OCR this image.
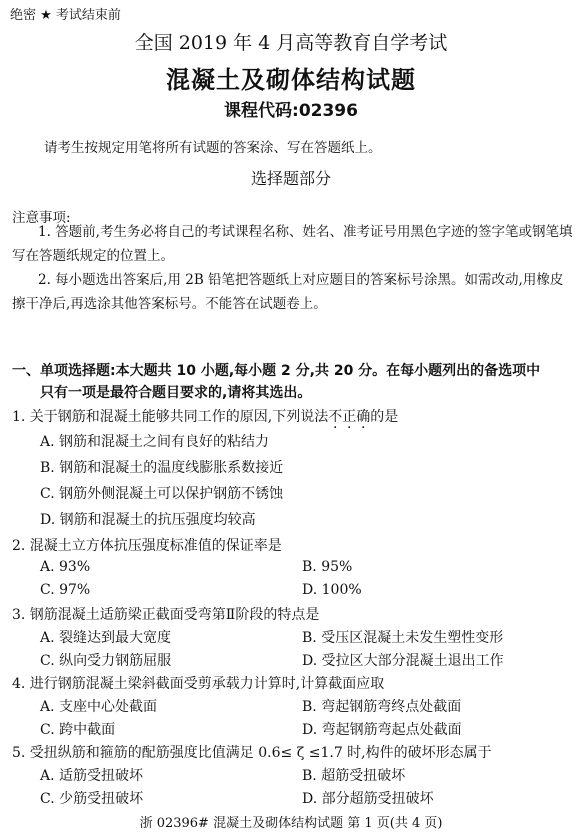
绝密 ★ 考试结束前
全国 2019 年 4 月高等教育自学考试
混凝土及砌体结构试题
课程代码:02396
请考生按规定用笔将所有试题的答案涂、写在答题纸上。
选择题部分
注意事项:
1. 答题前,考生务必将自己的考试课程名称、姓名、准考证号用黑色字迹的签字笔或钢笔填写在答题纸规定的位置上。
2. 每小题选出答案后,用 2B 铅笔把答题纸上对应题目的答案标号涂黑。如需改动,用橡皮擦干净后,再选涂其他答案标号。不能答在试题卷上。
一、单项选择题:本大题共 10 小题,每小题 2 分,共 20 分。在每小题列出的备选项中
只有一项是最符合题目要求的,请将其选出。
1. 关于钢筋和混凝土能够共同工作的原因,下列说法不正确的是
A. 钢筋和混凝土之间有良好的粘结力
B. 钢筋和混凝土的温度线膨胀系数接近
C. 钢筋外侧混凝土可以保护钢筋不锈蚀
D. 钢筋和混凝土的抗压强度均较高
2. 混凝土立方体抗压强度标准值的保证率是
A. 93%	B. 95%
C. 97%	D. 100%
3. 钢筋混凝土适筋梁正截面受弯第Ⅱ阶段的特点是
A. 裂缝达到最大宽度	B. 受压区混凝土未发生塑性变形
C. 纵向受力钢筋屈服	D. 受拉区大部分混凝土退出工作
4. 进行钢筋混凝土梁斜截面受剪承载力计算时,计算截面应取
A. 支座中心处截面	B. 弯起钢筋弯终点处截面
C. 跨中截面	D. 弯起钢筋弯起点处截面
5. 受扭纵筋和箍筋的配筋强度比值满足 0.6≤ ζ ≤1.7 时,构件的破坏形态属于
A. 适筋受扭破坏	B. 超筋受扭破坏
C. 少筋受扭破坏	D. 部分超筋受扭破坏
浙 02396# 混凝土及砌体结构试题 第 1 页(共 4 页)
